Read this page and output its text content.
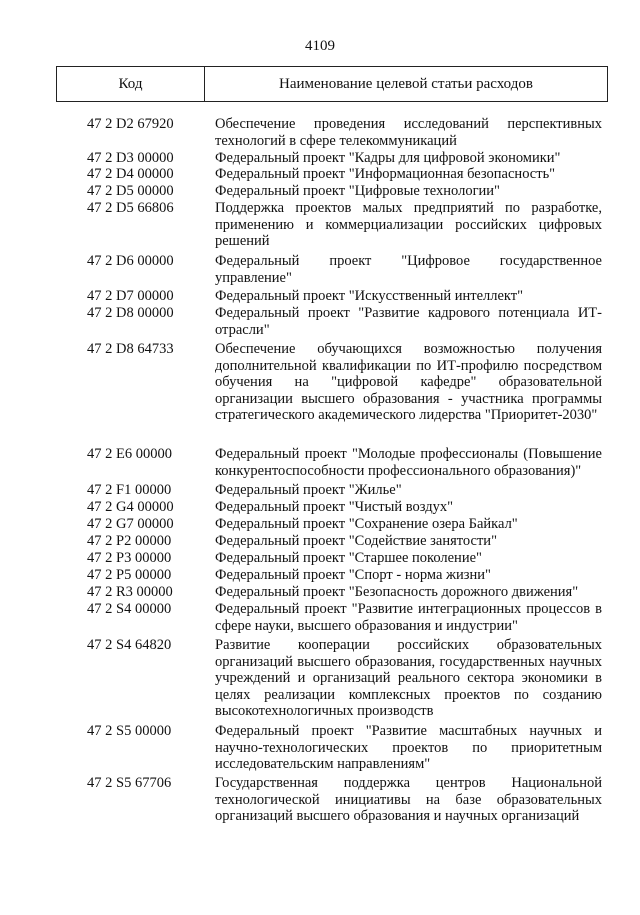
4109
Код	Наименование целевой статьи расходов
47 2 D2 67920	Обеспечение проведения исследований перспективных технологий в сфере телекоммуникаций
47 2 D3 00000	Федеральный проект "Кадры для цифровой экономики"
47 2 D4 00000	Федеральный проект "Информационная безопасность"
47 2 D5 00000	Федеральный проект "Цифровые технологии"
47 2 D5 66806	Поддержка проектов малых предприятий по разработке, применению и коммерциализации российских цифровых решений
47 2 D6 00000	Федеральный проект "Цифровое государственное управление"
47 2 D7 00000	Федеральный проект "Искусственный интеллект"
47 2 D8 00000	Федеральный проект "Развитие кадрового потенциала ИТ-отрасли"
47 2 D8 64733	Обеспечение обучающихся возможностью получения дополнительной квалификации по ИТ-профилю посредством обучения на "цифровой кафедре" образовательной организации высшего образования - участника программы стратегического академического лидерства "Приоритет-2030"
47 2 E6 00000	Федеральный проект "Молодые профессионалы (Повышение конкурентоспособности профессионального образования)"
47 2 F1 00000	Федеральный проект "Жилье"
47 2 G4 00000	Федеральный проект "Чистый воздух"
47 2 G7 00000	Федеральный проект "Сохранение озера Байкал"
47 2 P2 00000	Федеральный проект "Содействие занятости"
47 2 P3 00000	Федеральный проект "Старшее поколение"
47 2 P5 00000	Федеральный проект "Спорт - норма жизни"
47 2 R3 00000	Федеральный проект "Безопасность дорожного движения"
47 2 S4 00000	Федеральный проект "Развитие интеграционных процессов в сфере науки, высшего образования и индустрии"
47 2 S4 64820	Развитие кооперации российских образовательных организаций высшего образования, государственных научных учреждений и организаций реального сектора экономики в целях реализации комплексных проектов по созданию высокотехнологичных производств
47 2 S5 00000	Федеральный проект "Развитие масштабных научных и научно-технологических проектов по приоритетным исследовательским направлениям"
47 2 S5 67706	Государственная поддержка центров Национальной технологической инициативы на базе образовательных организаций высшего образования и научных организаций
